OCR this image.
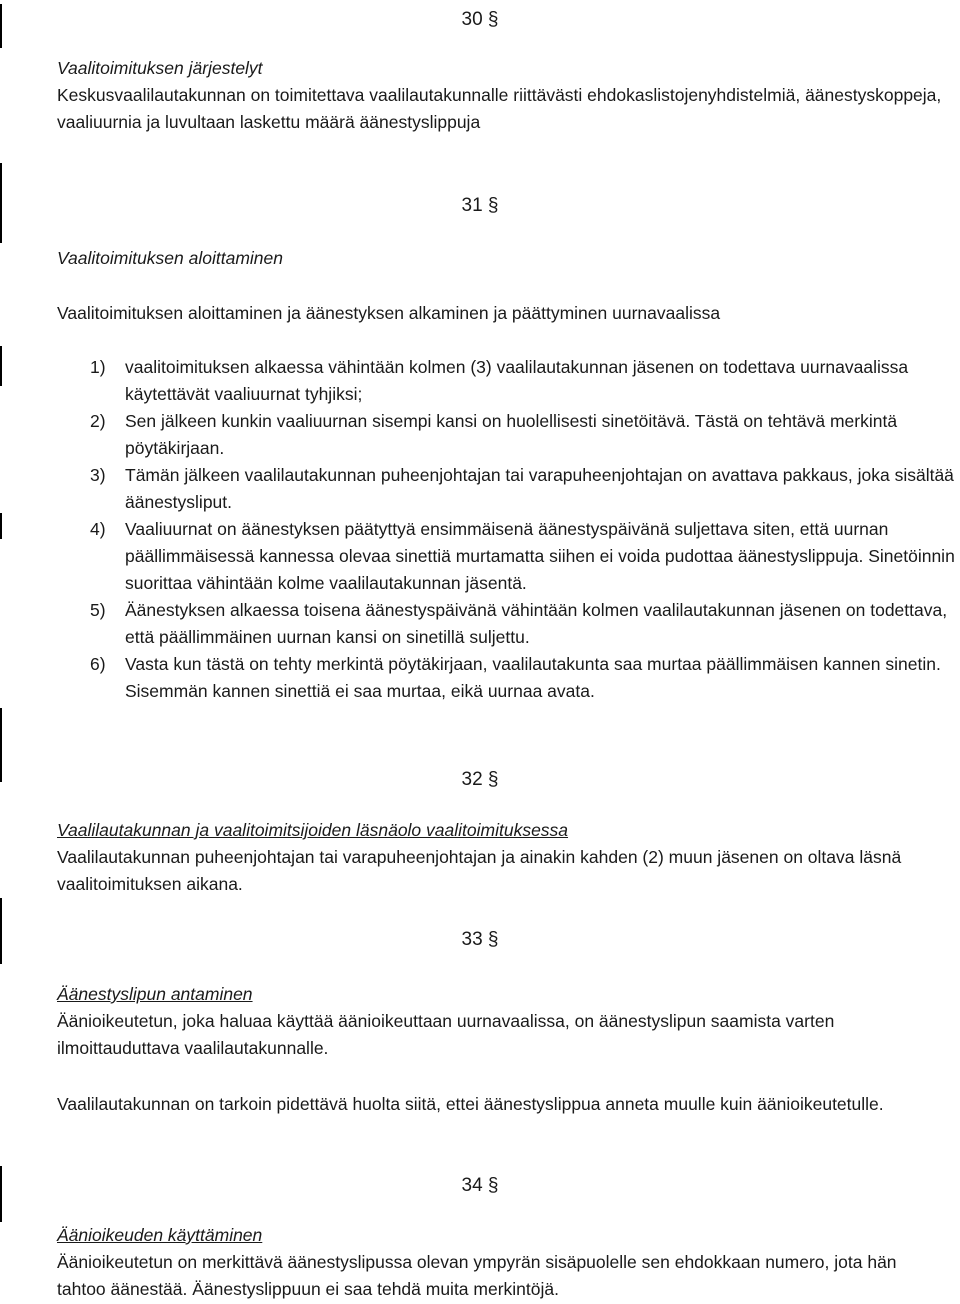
30 §

Vaalitoimituksen järjestelyt

Keskusvaalilautakunnan on toimitettava vaalilautakunnalle riittävästi ehdokaslistojenyhdistelmiä, äänestyskoppeja, vaaliuurnia ja luvultaan laskettu määrä äänestyslippuja

31 §

Vaalitoimituksen aloittaminen

Vaalitoimituksen aloittaminen ja äänestyksen alkaminen ja päättyminen uurnavaalissa

1) vaalitoimituksen alkaessa vähintään kolmen (3) vaalilautakunnan jäsenen on todettava uurnavaalissa käytettävät vaaliuurnat tyhjiksi;
2) Sen jälkeen kunkin vaaliuurnan sisempi kansi on huolellisesti sinetöitävä. Tästä on tehtävä merkintä pöytäkirjaan.
3) Tämän jälkeen vaalilautakunnan puheenjohtajan tai varapuheenjohtajan on avattava pakkaus, joka sisältää äänestysliput.
4) Vaaliuurnat on äänestyksen päätyttyä ensimmäisenä äänestyspäivänä suljettava siten, että uurnan päällimmäisessä kannessa olevaa sinettiä murtamatta siihen ei voida pudottaa äänestyslippuja. Sinetöinnin suorittaa vähintään kolme vaalilautakunnan jäsentä.
5) Äänestyksen alkaessa toisena äänestyspäivänä vähintään kolmen vaalilautakunnan jäsenen on todettava, että päällimmäinen uurnan kansi on sinetillä suljettu.
6) Vasta kun tästä on tehty merkintä pöytäkirjaan, vaalilautakunta saa murtaa päällimmäisen kannen sinetin. Sisemmän kannen sinettiä ei saa murtaa, eikä uurnaa avata.
32 §

Vaalilautakunnan ja vaalitoimitsijoiden läsnäolo vaalitoimituksessa

Vaalilautakunnan puheenjohtajan tai varapuheenjohtajan ja ainakin kahden (2) muun jäsenen on oltava läsnä vaalitoimituksen aikana.

33 §

Äänestyslipun antaminen

Äänioikeutetun, joka haluaa käyttää äänioikeuttaan uurnavaalissa, on äänestyslipun saamista varten ilmoittauduttava vaalilautakunnalle.

Vaalilautakunnan on tarkoin pidettävä huolta siitä, ettei äänestyslippua anneta muulle kuin äänioikeutetulle.

34 §

Äänioikeuden käyttäminen

Äänioikeutetun on merkittävä äänestyslipussa olevan ympyrän sisäpuolelle sen ehdokkaan numero, jota hän tahtoo äänestää. Äänestyslippuun ei saa tehdä muita merkintöjä.
